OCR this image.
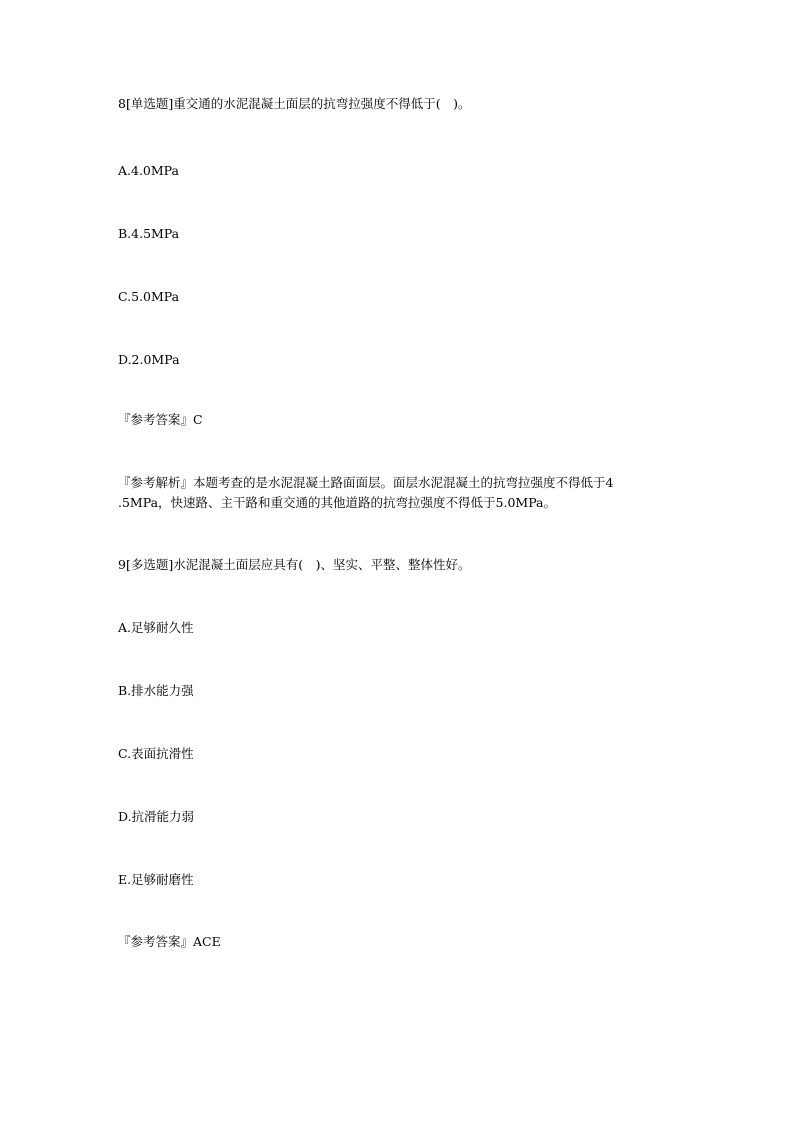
8[单选题]重交通的水泥混凝土面层的抗弯拉强度不得低于(　)。
A.4.0MPa
B.4.5MPa
C.5.0MPa
D.2.0MPa
『参考答案』C
『参考解析』本题考查的是水泥混凝土路面面层。面层水泥混凝土的抗弯拉强度不得低于4
.5MPa，快速路、主干路和重交通的其他道路的抗弯拉强度不得低于5.0MPa。
9[多选题]水泥混凝土面层应具有(　)、坚实、平整、整体性好。
A.足够耐久性
B.排水能力强
C.表面抗滑性
D.抗滑能力弱
E.足够耐磨性
『参考答案』ACE
